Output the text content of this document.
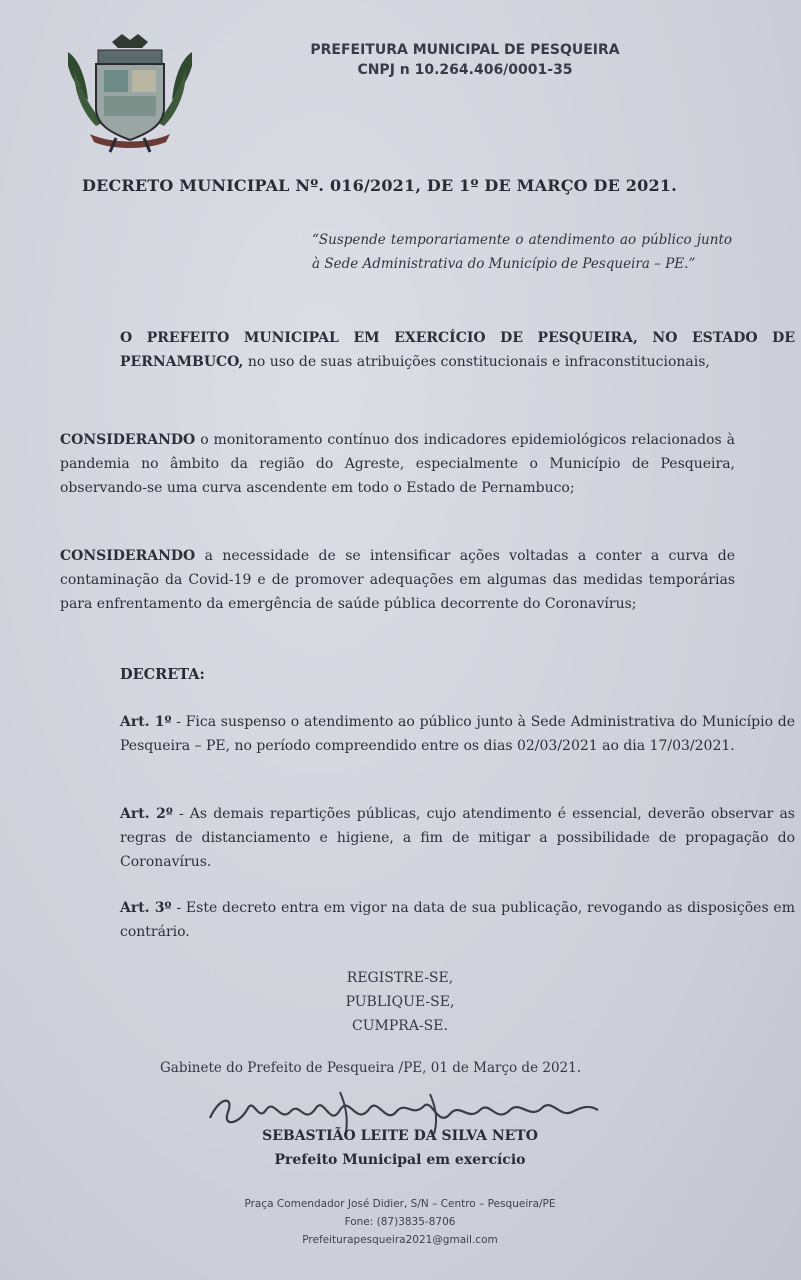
PREFEITURA MUNICIPAL DE PESQUEIRA
CNPJ n 10.264.406/0001-35
DECRETO MUNICIPAL Nº. 016/2021, DE 1º DE MARÇO DE 2021.
“Suspende temporariamente o atendimento ao público junto à Sede Administrativa do Município de Pesqueira – PE.”
O PREFEITO MUNICIPAL EM EXERCÍCIO DE PESQUEIRA, NO ESTADO DE PERNAMBUCO, no uso de suas atribuições constitucionais e infraconstitucionais,
CONSIDERANDO o monitoramento contínuo dos indicadores epidemiológicos relacionados à pandemia no âmbito da região do Agreste, especialmente o Município de Pesqueira, observando-se uma curva ascendente em todo o Estado de Pernambuco;
CONSIDERANDO a necessidade de se intensificar ações voltadas a conter a curva de contaminação da Covid-19 e de promover adequações em algumas das medidas temporárias para enfrentamento da emergência de saúde pública decorrente do Coronavírus;
DECRETA:
Art. 1º - Fica suspenso o atendimento ao público junto à Sede Administrativa do Município de Pesqueira – PE, no período compreendido entre os dias 02/03/2021 ao dia 17/03/2021.
Art. 2º - As demais repartições públicas, cujo atendimento é essencial, deverão observar as regras de distanciamento e higiene, a fim de mitigar a possibilidade de propagação do Coronavírus.
Art. 3º - Este decreto entra em vigor na data de sua publicação, revogando as disposições em contrário.
REGISTRE-SE,
PUBLIQUE-SE,
CUMPRA-SE.
Gabinete do Prefeito de Pesqueira /PE, 01 de Março de 2021.
SEBASTIÃO LEITE DA SILVA NETO
Prefeito Municipal em exercício
Praça Comendador José Didier, S/N – Centro – Pesqueira/PE
Fone: (87)3835-8706
Prefeiturapesqueira2021@gmail.com
